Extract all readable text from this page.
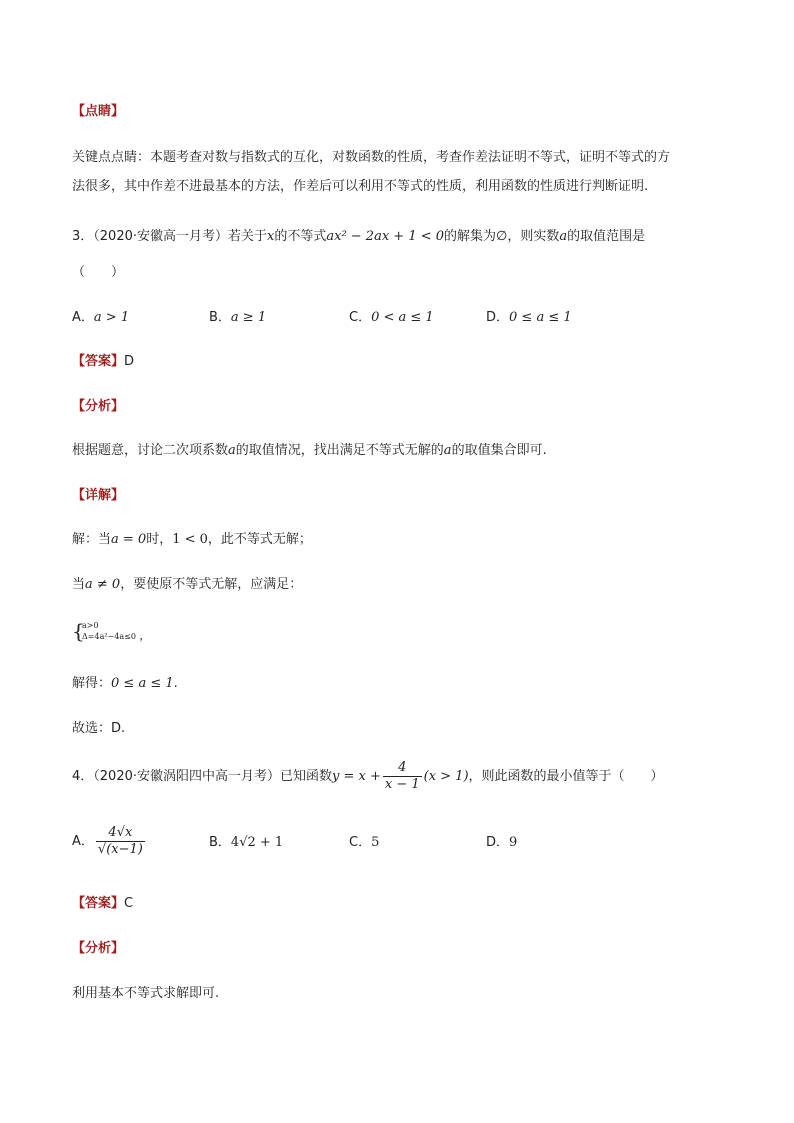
【点睛】
关键点点睛：本题考查对数与指数式的互化，对数函数的性质，考查作差法证明不等式，证明不等式的方
法很多，其中作差不进最基本的方法，作差后可以利用不等式的性质，利用函数的性质进行判断证明.
3．（2020·安徽高一月考）若关于x的不等式ax² − 2ax + 1 < 0的解集为∅，则实数a的取值范围是
（　　）
A．a > 1	B．a ≥ 1	C．0 < a ≤ 1	D．0 ≤ a ≤ 1
【答案】D
【分析】
根据题意，讨论二次项系数a的取值情况，找出满足不等式无解的a的取值集合即可.
【详解】
解：当a = 0时，1 < 0，此不等式无解；
当a ≠ 0，要使原不等式无解，应满足：
{
a>0
Δ=4a²−4a≤0 ，
解得：0 ≤ a ≤ 1.
故选：D.
4．（2020·安徽涡阳四中高一月考）已知函数$y = x + \frac{4}{x - 1} (x > 1)$，则此函数的最小值等于（　　）
A． $\frac{4√x}{√(x-1)}$	B．4√2 + 1	C．5	D．9
【答案】C
【分析】
利用基本不等式求解即可.
